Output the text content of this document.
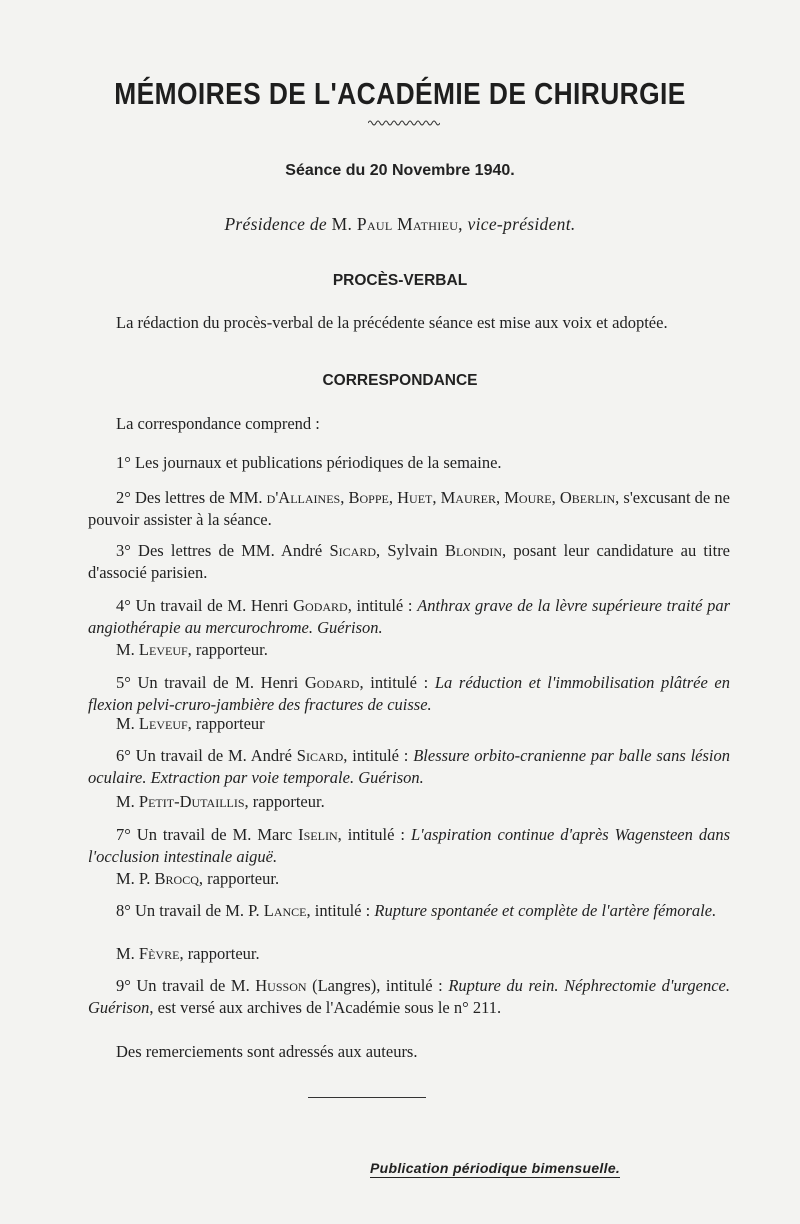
MÉMOIRES DE L'ACADÉMIE DE CHIRURGIE
Séance du 20 Novembre 1940.
Présidence de M. Paul Mathieu, vice-président.
PROCÈS-VERBAL

La rédaction du procès-verbal de la précédente séance est mise aux voix et adoptée.

CORRESPONDANCE

La correspondance comprend :

1° Les journaux et publications périodiques de la semaine.

2° Des lettres de MM. d'Allaines, Boppe, Huet, Maurer, Moure, Oberlin, s'excusant de ne pouvoir assister à la séance.

3° Des lettres de MM. André Sicard, Sylvain Blondin, posant leur candidature au titre d'associé parisien.

4° Un travail de M. Henri Godard, intitulé : Anthrax grave de la lèvre supérieure traité par angiothérapie au mercurochrome. Guérison.

M. Leveuf, rapporteur.

5° Un travail de M. Henri Godard, intitulé : La réduction et l'immobilisation plâtrée en flexion pelvi-cruro-jambière des fractures de cuisse.

M. Leveuf, rapporteur

6° Un travail de M. André Sicard, intitulé : Blessure orbito-cranienne par balle sans lésion oculaire. Extraction par voie temporale. Guérison.

M. Petit-Dutaillis, rapporteur.

7° Un travail de M. Marc Iselin, intitulé : L'aspiration continue d'après Wagensteen dans l'occlusion intestinale aiguë.

M. P. Brocq, rapporteur.

8° Un travail de M. P. Lance, intitulé : Rupture spontanée et complète de l'artère fémorale.

M. Fèvre, rapporteur.

9° Un travail de M. Husson (Langres), intitulé : Rupture du rein. Néphrectomie d'urgence. Guérison, est versé aux archives de l'Académie sous le n° 211.

Des remerciements sont adressés aux auteurs.

Publication périodique bimensuelle.
